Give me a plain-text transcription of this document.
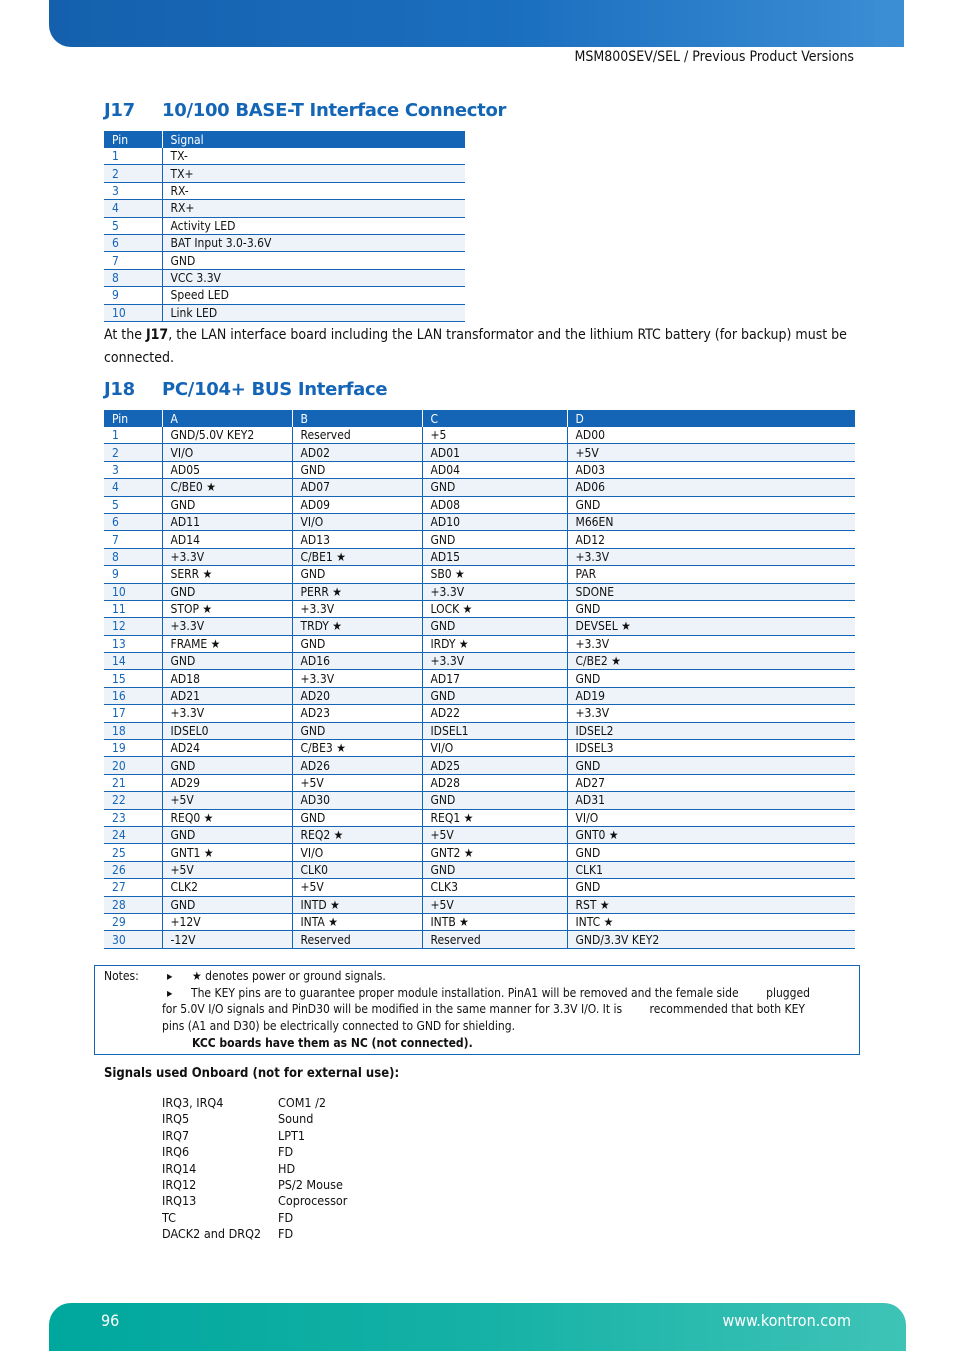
MSM800SEV/SEL / Previous Product Versions
J17 10/100 BASE-T Interface Connector
Pin	Signal
1	TX-
2	TX+
3	RX-
4	RX+
5	Activity LED
6	BAT Input 3.0-3.6V
7	GND
8	VCC 3.3V
9	Speed LED
10	Link LED
At the J17, the LAN interface board including the LAN transformator and the lithium RTC battery (for backup) must be connected.
J18 PC/104+ BUS Interface
Pin	A	B	C	D
1	GND/5.0V KEY2	Reserved	+5	AD00
2	VI/O	AD02	AD01	+5V
3	AD05	GND	AD04	AD03
4	C/BE0 ★	AD07	GND	AD06
5	GND	AD09	AD08	GND
6	AD11	VI/O	AD10	M66EN
7	AD14	AD13	GND	AD12
8	+3.3V	C/BE1 ★	AD15	+3.3V
9	SERR ★	GND	SB0 ★	PAR
10	GND	PERR ★	+3.3V	SDONE
11	STOP ★	+3.3V	LOCK ★	GND
12	+3.3V	TRDY ★	GND	DEVSEL ★
13	FRAME ★	GND	IRDY ★	+3.3V
14	GND	AD16	+3.3V	C/BE2 ★
15	AD18	+3.3V	AD17	GND
16	AD21	AD20	GND	AD19
17	+3.3V	AD23	AD22	+3.3V
18	IDSEL0	GND	IDSEL1	IDSEL2
19	AD24	C/BE3 ★	VI/O	IDSEL3
20	GND	AD26	AD25	GND
21	AD29	+5V	AD28	AD27
22	+5V	AD30	GND	AD31
23	REQ0 ★	GND	REQ1 ★	VI/O
24	GND	REQ2 ★	+5V	GNT0 ★
25	GNT1 ★	VI/O	GNT2 ★	GND
26	+5V	CLK0	GND	CLK1
27	CLK2	+5V	CLK3	GND
28	GND	INTD ★	+5V	RST ★
29	+12V	INTA ★	INTB ★	INTC ★
30	-12V	Reserved	Reserved	GND/3.3V KEY2
Notes: ▸ ★ denotes power or ground signals.
▸ The KEY pins are to guarantee proper module installation. PinA1 will be removed and the female side        plugged
for 5.0V I/O signals and PinD30 will be modified in the same manner for 3.3V I/O. It is        recommended that both KEY
pins (A1 and D30) be electrically connected to GND for shielding.
KCC boards have them as NC (not connected).
Signals used Onboard (not for external use):
IRQ3, IRQ4	COM1 /2
IRQ5	Sound
IRQ7	LPT1
IRQ6	FD
IRQ14	HD
IRQ12	PS/2 Mouse
IRQ13	Coprocessor
TC	FD
DACK2 and DRQ2 FD
96	www.kontron.com
